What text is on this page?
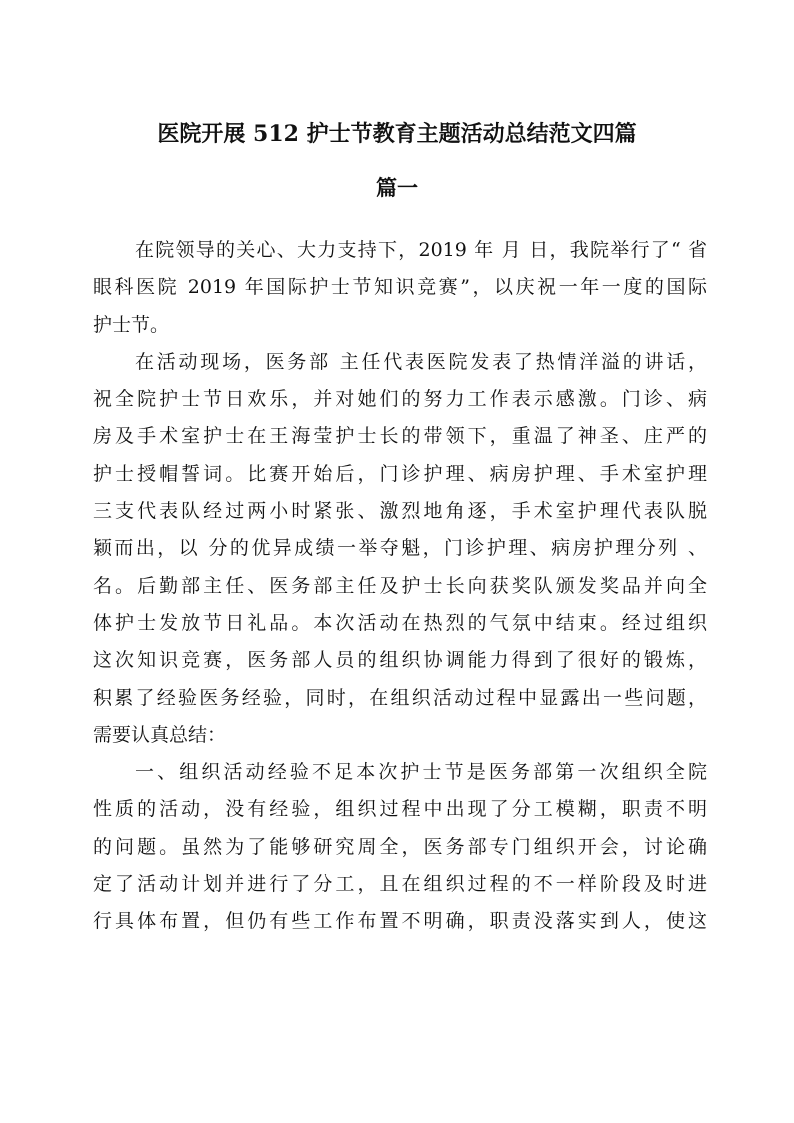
医院开展 512 护士节教育主题活动总结范文四篇
篇一
在院领导的关心、大力支持下，2019 年 月 日，我院举行了“ 省
眼科医院 2019 年国际护士节知识竞赛”，以庆祝一年一度的国际
护士节。
在活动现场，医务部 主任代表医院发表了热情洋溢的讲话，
祝全院护士节日欢乐，并对她们的努力工作表示感激。门诊、病
房及手术室护士在王海莹护士长的带领下，重温了神圣、庄严的
护士授帽誓词。比赛开始后，门诊护理、病房护理、手术室护理
三支代表队经过两小时紧张、激烈地角逐，手术室护理代表队脱
颖而出，以 分的优异成绩一举夺魁，门诊护理、病房护理分列 、
名。后勤部主任、医务部主任及护士长向获奖队颁发奖品并向全
体护士发放节日礼品。本次活动在热烈的气氛中结束。经过组织
这次知识竞赛，医务部人员的组织协调能力得到了很好的锻炼，
积累了经验医务经验，同时，在组织活动过程中显露出一些问题，
需要认真总结：
一、组织活动经验不足本次护士节是医务部第一次组织全院
性质的活动，没有经验，组织过程中出现了分工模糊，职责不明
的问题。虽然为了能够研究周全，医务部专门组织开会，讨论确
定了活动计划并进行了分工，且在组织过程的不一样阶段及时进
行具体布置，但仍有些工作布置不明确，职责没落实到人，使这
